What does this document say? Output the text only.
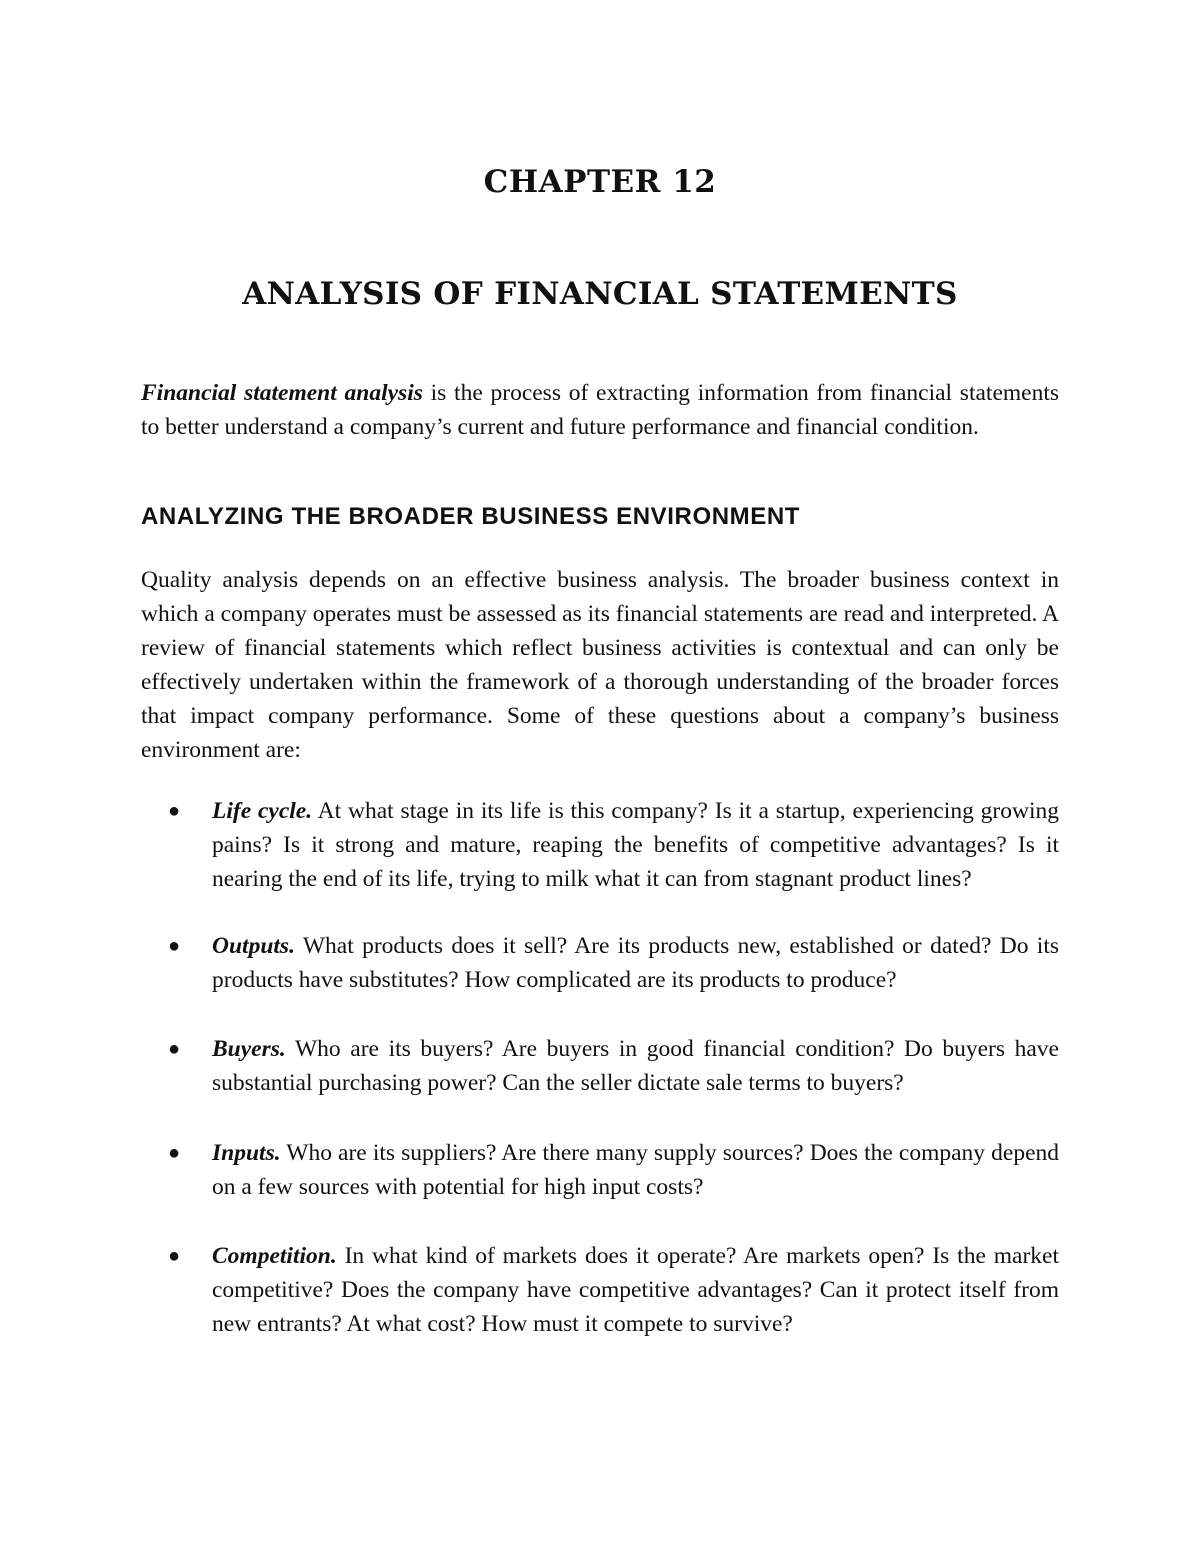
CHAPTER 12
ANALYSIS OF FINANCIAL STATEMENTS

Financial statement analysis is the process of extracting information from financial statements to better understand a company’s current and future performance and financial condition.

ANALYZING THE BROADER BUSINESS ENVIRONMENT

Quality analysis depends on an effective business analysis. The broader business context in which a company operates must be assessed as its financial statements are read and interpreted. A review of financial statements which reflect business activities is contextual and can only be effectively undertaken within the framework of a thorough understanding of the broader forces that impact company performance. Some of these questions about a company’s business environment are:

● Life cycle. At what stage in its life is this company? Is it a startup, experiencing growing pains? Is it strong and mature, reaping the benefits of competitive advantages? Is it nearing the end of its life, trying to milk what it can from stagnant product lines?
● Outputs. What products does it sell? Are its products new, established or dated? Do its products have substitutes? How complicated are its products to produce?
● Buyers. Who are its buyers? Are buyers in good financial condition? Do buyers have substantial purchasing power? Can the seller dictate sale terms to buyers?
● Inputs. Who are its suppliers? Are there many supply sources? Does the company depend on a few sources with potential for high input costs?
● Competition. In what kind of markets does it operate? Are markets open? Is the market competitive? Does the company have competitive advantages? Can it protect itself from new entrants? At what cost? How must it compete to survive?
